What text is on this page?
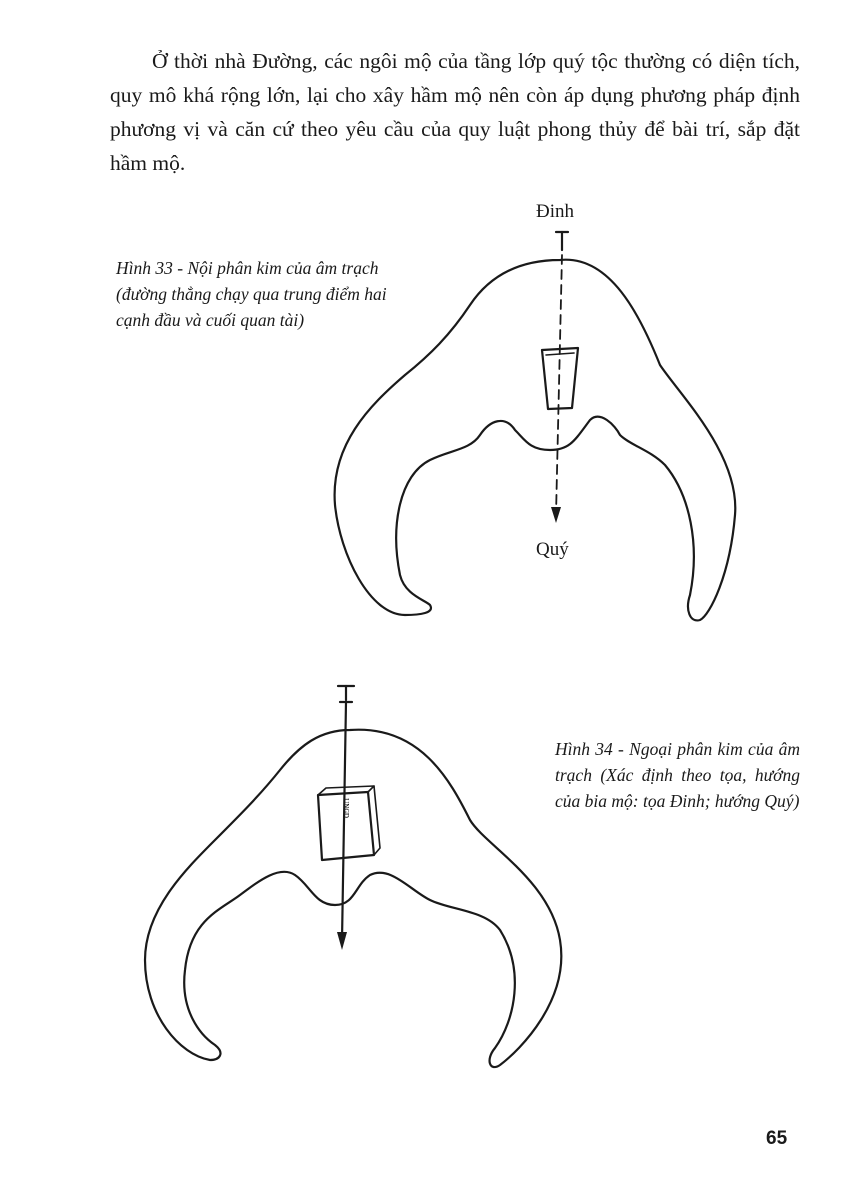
Ở thời nhà Đường, các ngôi mộ của tầng lớp quý tộc thường có diện tích, quy mô khá rộng lớn, lại cho xây hầm mộ nên còn áp dụng phương pháp định phương vị và căn cứ theo yêu cầu của quy luật phong thủy để bài trí, sắp đặt hầm mộ.

Hình 33 - Nội phân kim của âm trạch (đường thẳng chạy qua trung điểm hai cạnh đầu và cuối quan tài)

Đinh
Quý
ᴜɴɢᴅ

Hình 34 - Ngoại phân kim của âm trạch (Xác định theo tọa, hướng của bia mộ: tọa Đinh; hướng Quý)

65
